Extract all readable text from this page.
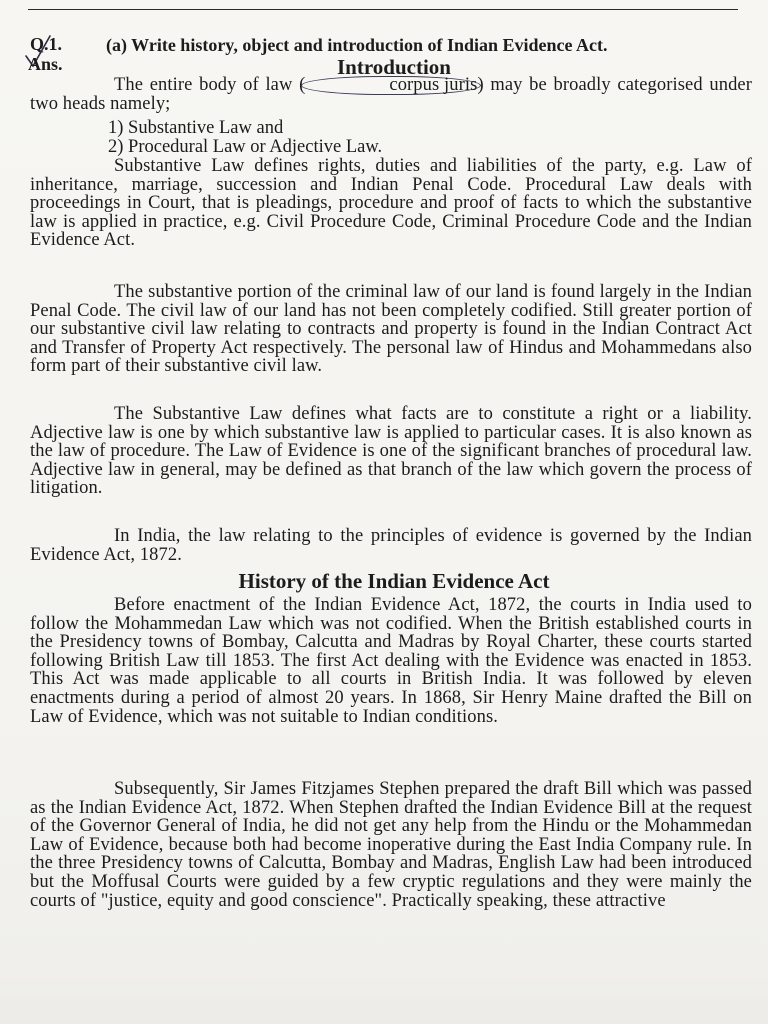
Q.1.
Ans.
(a) Write history, object and introduction of Indian Evidence Act.
Introduction

The entire body of law (	corpus juris) may be broadly categorised under two heads namely;

1) Substantive Law and
2) Procedural Law or Adjective Law.

Substantive Law defines rights, duties and liabilities of the party, e.g. Law of inheritance, marriage, succession and Indian Penal Code. Procedural Law deals with proceedings in Court, that is pleadings, procedure and proof of facts to which the substantive law is applied in practice, e.g. Civil Procedure Code, Criminal Procedure Code and the Indian Evidence Act.

The substantive portion of the criminal law of our land is found largely in the Indian Penal Code. The civil law of our land has not been completely codified. Still greater portion of our substantive civil law relating to contracts and property is found in the Indian Contract Act and Transfer of Property Act respectively. The personal law of Hindus and Mohammedans also form part of their substantive civil law.

The Substantive Law defines what facts are to constitute a right or a liability. Adjective law is one by which substantive law is applied to particular cases. It is also known as the law of procedure. The Law of Evidence is one of the significant branches of procedural law. Adjective law in general, may be defined as that branch of the law which govern the process of litigation.

In India, the law relating to the principles of evidence is governed by the Indian Evidence Act, 1872.

History of the Indian Evidence Act

Before enactment of the Indian Evidence Act, 1872, the courts in India used to follow the Mohammedan Law which was not codified. When the British established courts in the Presidency towns of Bombay, Calcutta and Madras by Royal Charter, these courts started following British Law till 1853. The first Act dealing with the Evidence was enacted in 1853. This Act was made applicable to all courts in British India. It was followed by eleven enactments during a period of almost 20 years. In 1868, Sir Henry Maine drafted the Bill on Law of Evidence, which was not suitable to Indian conditions.

Subsequently, Sir James Fitzjames Stephen prepared the draft Bill which was passed as the Indian Evidence Act, 1872. When Stephen drafted the Indian Evidence Bill at the request of the Governor General of India, he did not get any help from the Hindu or the Mohammedan Law of Evidence, because both had become inoperative during the East India Company rule. In the three Presidency towns of Calcutta, Bombay and Madras, English Law had been introduced but the Moffusal Courts were guided by a few cryptic regulations and they were mainly the courts of "justice, equity and good conscience". Practically speaking, these attractive
